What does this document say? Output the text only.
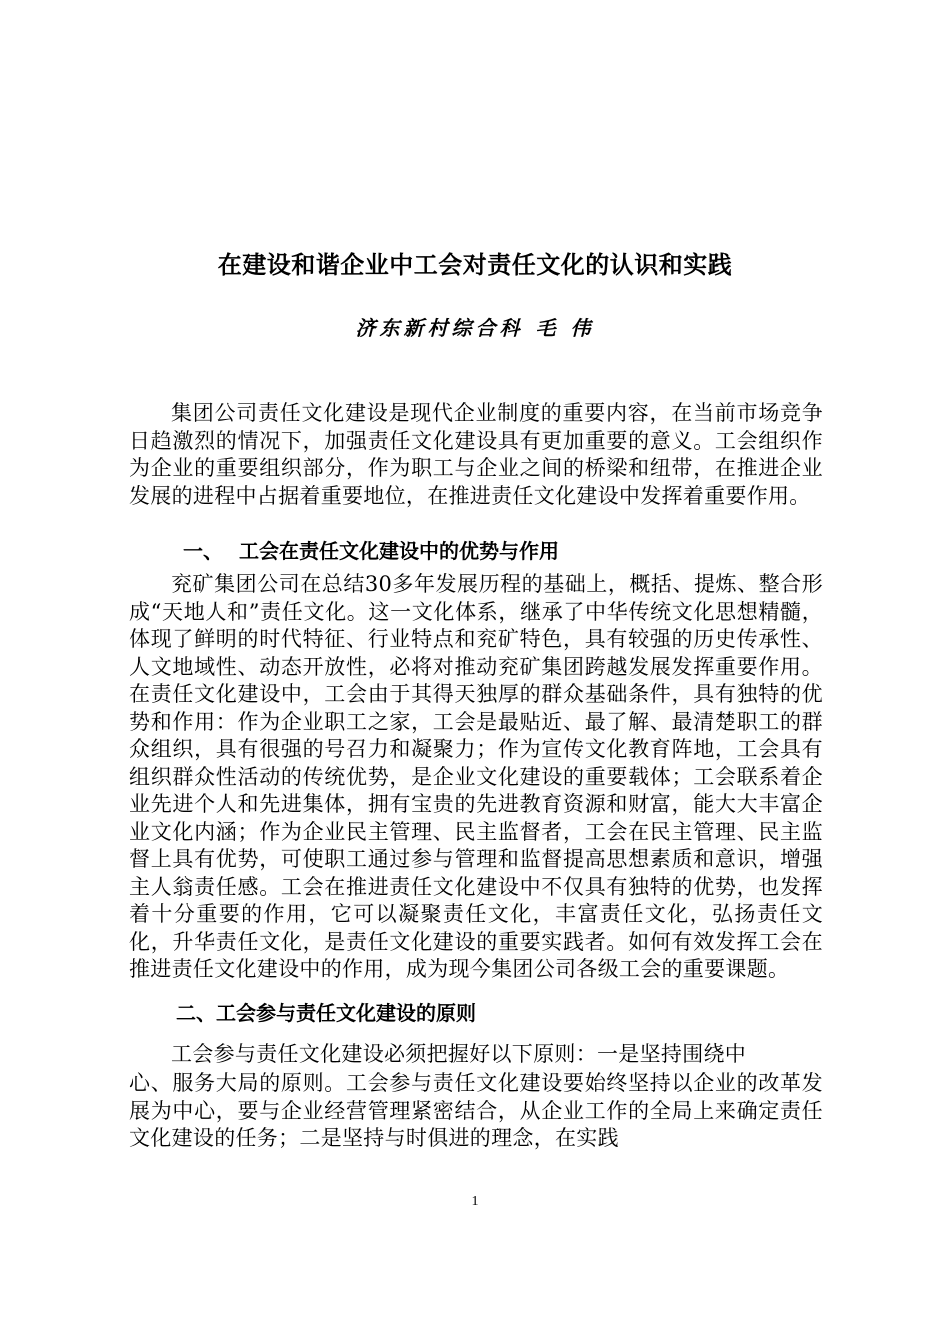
在建设和谐企业中工会对责任文化的认识和实践
济东新村综合科 毛 伟
集团公司责任文化建设是现代企业制度的重要内容，在当前市场竞争日趋激烈的情况下，加强责任文化建设具有更加重要的意义。工会组织作为企业的重要组织部分，作为职工与企业之间的桥梁和纽带，在推进企业发展的进程中占据着重要地位，在推进责任文化建设中发挥着重要作用。
一、 工会在责任文化建设中的优势与作用
兖矿集团公司在总结30多年发展历程的基础上，概括、提炼、整合形成“天地人和”责任文化。这一文化体系，继承了中华传统文化思想精髓，体现了鲜明的时代特征、行业特点和兖矿特色，具有较强的历史传承性、人文地域性、动态开放性，必将对推动兖矿集团跨越发展发挥重要作用。在责任文化建设中，工会由于其得天独厚的群众基础条件，具有独特的优势和作用：作为企业职工之家，工会是最贴近、最了解、最清楚职工的群众组织，具有很强的号召力和凝聚力；作为宣传文化教育阵地，工会具有组织群众性活动的传统优势，是企业文化建设的重要载体；工会联系着企业先进个人和先进集体，拥有宝贵的先进教育资源和财富，能大大丰富企业文化内涵；作为企业民主管理、民主监督者，工会在民主管理、民主监督上具有优势，可使职工通过参与管理和监督提高思想素质和意识，增强主人翁责任感。工会在推进责任文化建设中不仅具有独特的优势，也发挥着十分重要的作用，它可以凝聚责任文化，丰富责任文化，弘扬责任文化，升华责任文化，是责任文化建设的重要实践者。如何有效发挥工会在推进责任文化建设中的作用，成为现今集团公司各级工会的重要课题。
二、工会参与责任文化建设的原则
工会参与责任文化建设必须把握好以下原则：一是坚持围绕中
心、服务大局的原则。工会参与责任文化建设要始终坚持以企业的改革发展为中心，要与企业经营管理紧密结合，从企业工作的全局上来确定责任文化建设的任务；二是坚持与时俱进的理念，在实践
1
